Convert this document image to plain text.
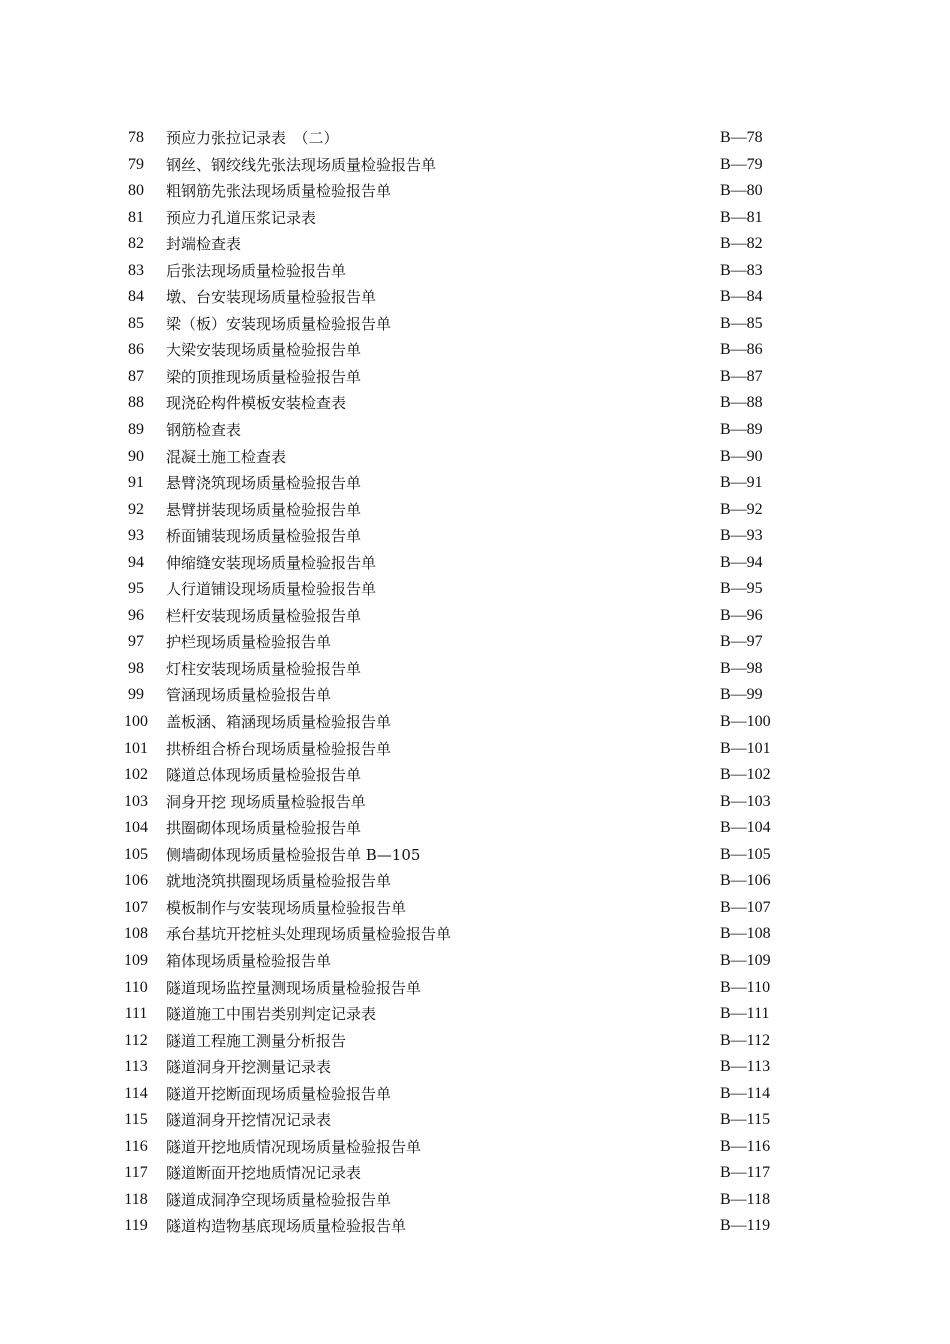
78	预应力张拉记录表　（二）	B—78
79	钢丝、钢绞线先张法现场质量检验报告单	B—79
80	粗钢筋先张法现场质量检验报告单	B—80
81	预应力孔道压浆记录表	B—81
82	封端检查表	B—82
83	后张法现场质量检验报告单	B—83
84	墩、台安装现场质量检验报告单	B—84
85	梁（板）安装现场质量检验报告单	B—85
86	大梁安装现场质量检验报告单	B—86
87	梁的顶推现场质量检验报告单	B—87
88	现浇砼构件模板安装检查表	B—88
89	钢筋检查表	B—89
90	混凝土施工检查表	B—90
91	悬臂浇筑现场质量检验报告单	B—91
92	悬臂拼装现场质量检验报告单	B—92
93	桥面铺装现场质量检验报告单	B—93
94	伸缩缝安装现场质量检验报告单	B—94
95	人行道铺设现场质量检验报告单	B—95
96	栏杆安装现场质量检验报告单	B—96
97	护栏现场质量检验报告单	B—97
98	灯柱安装现场质量检验报告单	B—98
99	管涵现场质量检验报告单	B—99
100	盖板涵、箱涵现场质量检验报告单	B—100
101	拱桥组合桥台现场质量检验报告单	B—101
102	隧道总体现场质量检验报告单	B—102
103	洞身开挖 现场质量检验报告单	B—103
104	拱圈砌体现场质量检验报告单	B—104
105	侧墙砌体现场质量检验报告单 B—105	B—105
106	就地浇筑拱圈现场质量检验报告单	B—106
107	模板制作与安装现场质量检验报告单	B—107
108	承台基坑开挖桩头处理现场质量检验报告单	B—108
109	箱体现场质量检验报告单	B—109
110	隧道现场监控量测现场质量检验报告单	B—110
111	隧道施工中围岩类别判定记录表	B—111
112	隧道工程施工测量分析报告	B—112
113	隧道洞身开挖测量记录表	B—113
114	隧道开挖断面现场质量检验报告单	B—114
115	隧道洞身开挖情况记录表	B—115
116	隧道开挖地质情况现场质量检验报告单	B—116
117	隧道断面开挖地质情况记录表	B—117
118	隧道成洞净空现场质量检验报告单	B—118
119	隧道构造物基底现场质量检验报告单	B—119
